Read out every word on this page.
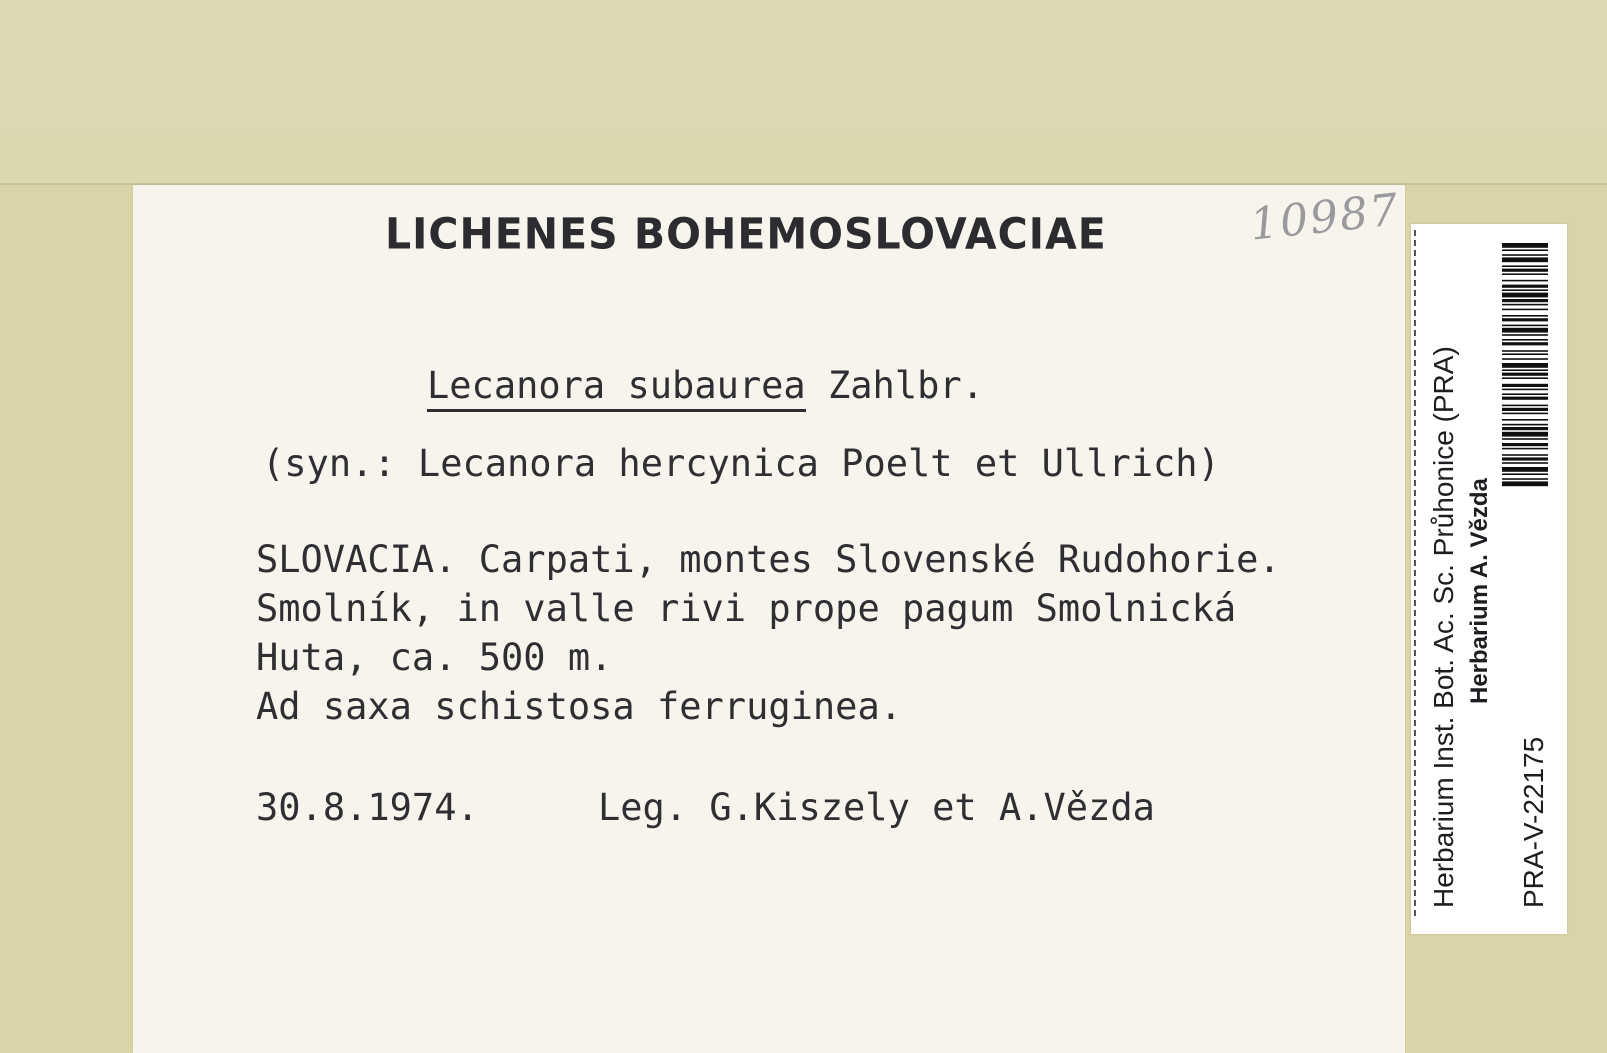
LICHENES BOHEMOSLOVACIAE	10987
Lecanora subaurea Zahlbr.
(syn.: Lecanora hercynica Poelt et Ullrich)
SLOVACIA. Carpati, montes Slovenské Rudohorie.
Smolník, in valle rivi prope pagum Smolnická
Huta, ca. 500 m.
Ad saxa schistosa ferruginea.
30.8.1974.	Leg. G.Kiszely et A.Vězda	Herbarium Inst. Bot. Ac. Sc. Průhonice (PRA) Herbarium A. Vězda
PRA-V-22175
